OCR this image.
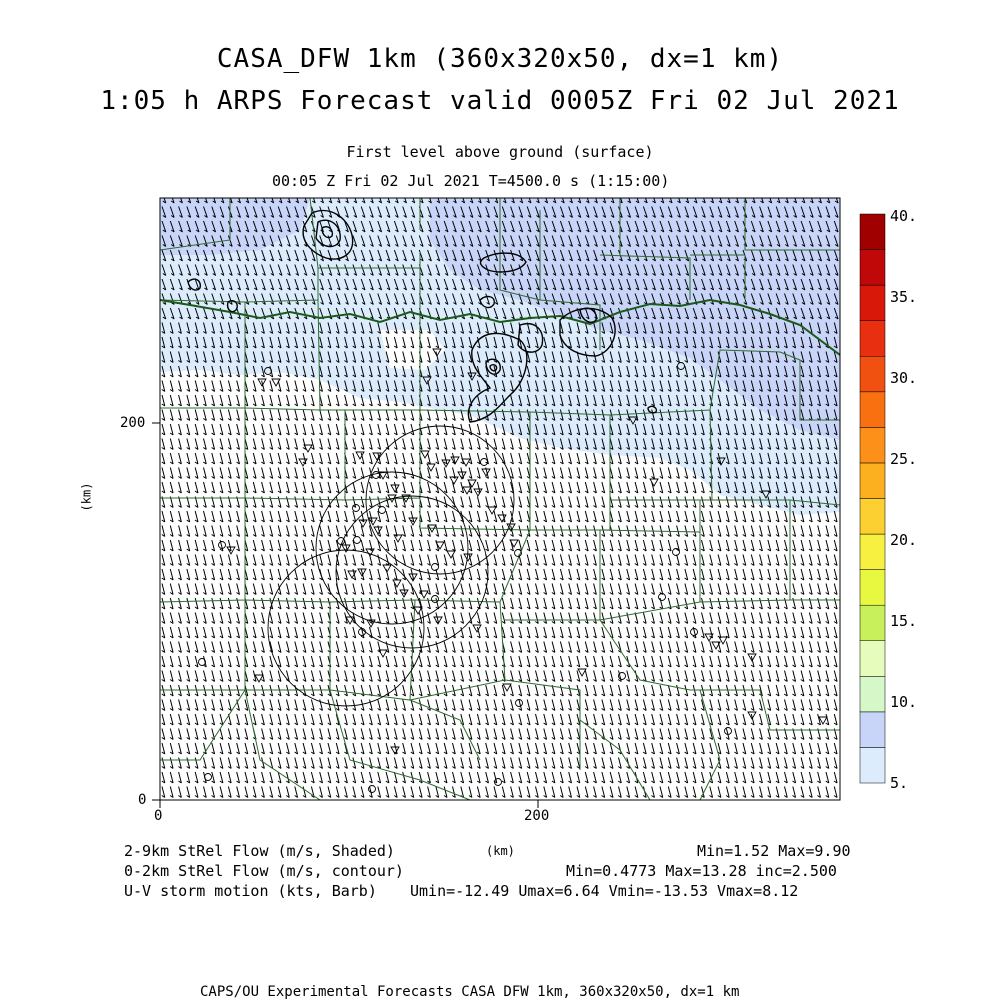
CASA_DFW 1km (360x320x50, dx=1 km)
1:05 h ARPS Forecast valid 0005Z Fri 02 Jul 2021
First level above ground (surface)
00:05 Z Fri 02 Jul 2021 T=4500.0 s (1:15:00)
0	200
0
200
(km)
5.
10.
15.
20.
25.
30.
35.
40.
2-9km StRel Flow (m/s, Shaded)	(km)	Min=1.52 Max=9.90
0-2km StRel Flow (m/s, contour)	Min=0.4773 Max=13.28 inc=2.500
U-V storm motion (kts, Barb) Umin=-12.49 Umax=6.64 Vmin=-13.53 Vmax=8.12
CAPS/OU Experimental Forecasts CASA DFW 1km, 360x320x50, dx=1 km
